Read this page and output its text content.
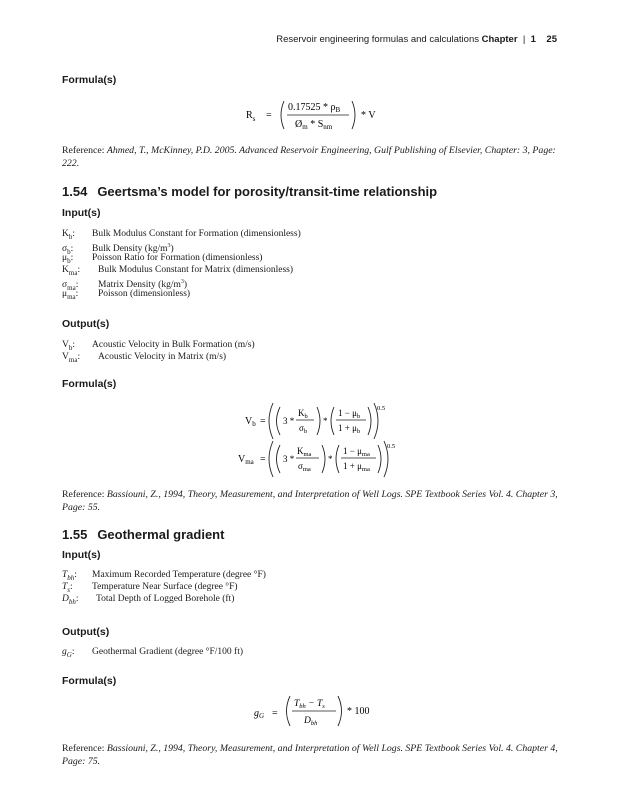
Reservoir engineering formulas and calculations Chapter | 1 25
Formula(s)
$R_s$ =
$0.17525 * \rho_B$
$Ø_m * S_{nm}$
* V
Reference: Ahmed, T., McKinney, P.D. 2005. Advanced Reservoir Engineering, Gulf Publishing of Elsevier, Chapter: 3, Page: 222.
1.54 Geertsma’s model for porosity/transit-time relationship
Input(s)
$K_b$: Bulk Modulus Constant for Formation (dimensionless)
$\sigma_b$: Bulk Density $(kg/m^3)$
$\mu_b$: Poisson Ratio for Formation (dimensionless)
$K_{ma}$: Bulk Modulus Constant for Matrix (dimensionless)
$\sigma_{ma}$: Matrix Density $(kg/m^3)$
$\mu_{ma}$: Poisson (dimensionless)
Output(s)
$V_b$: Acoustic Velocity in Bulk Formation (m/s)
$V_{ma}$: Acoustic Velocity in Matrix (m/s)
Formula(s)
$V_b = 3$ *
$K_b$
$\sigma_b$
*
$1 - \mu_b$
$1 + \mu_b$
0.5
$V_{ma} = 3$ *
$K_{ma}$
$\sigma_{ma}$
*
$1 - \mu_{ma}$
$1 + \mu_{ma}$
0.5
Reference: Bassiouni, Z., 1994, Theory, Measurement, and Interpretation of Well Logs. SPE Textbook Series Vol. 4. Chapter 3, Page: 55.
1.55 Geothermal gradient
Input(s)
$T_{bh}$: Maximum Recorded Temperature (degree °F)
$T_s$: Temperature Near Surface (degree °F)
$D_{bh}$: Total Depth of Logged Borehole (ft)
Output(s)
$g_G$: Geothermal Gradient (degree °F/100 ft)
Formula(s)
$g_G$ =
$T_{bh} - T_s$
$D_{bh}$
* 100
Reference: Bassiouni, Z., 1994, Theory, Measurement, and Interpretation of Well Logs. SPE Textbook Series Vol. 4. Chapter 4, Page: 75.
